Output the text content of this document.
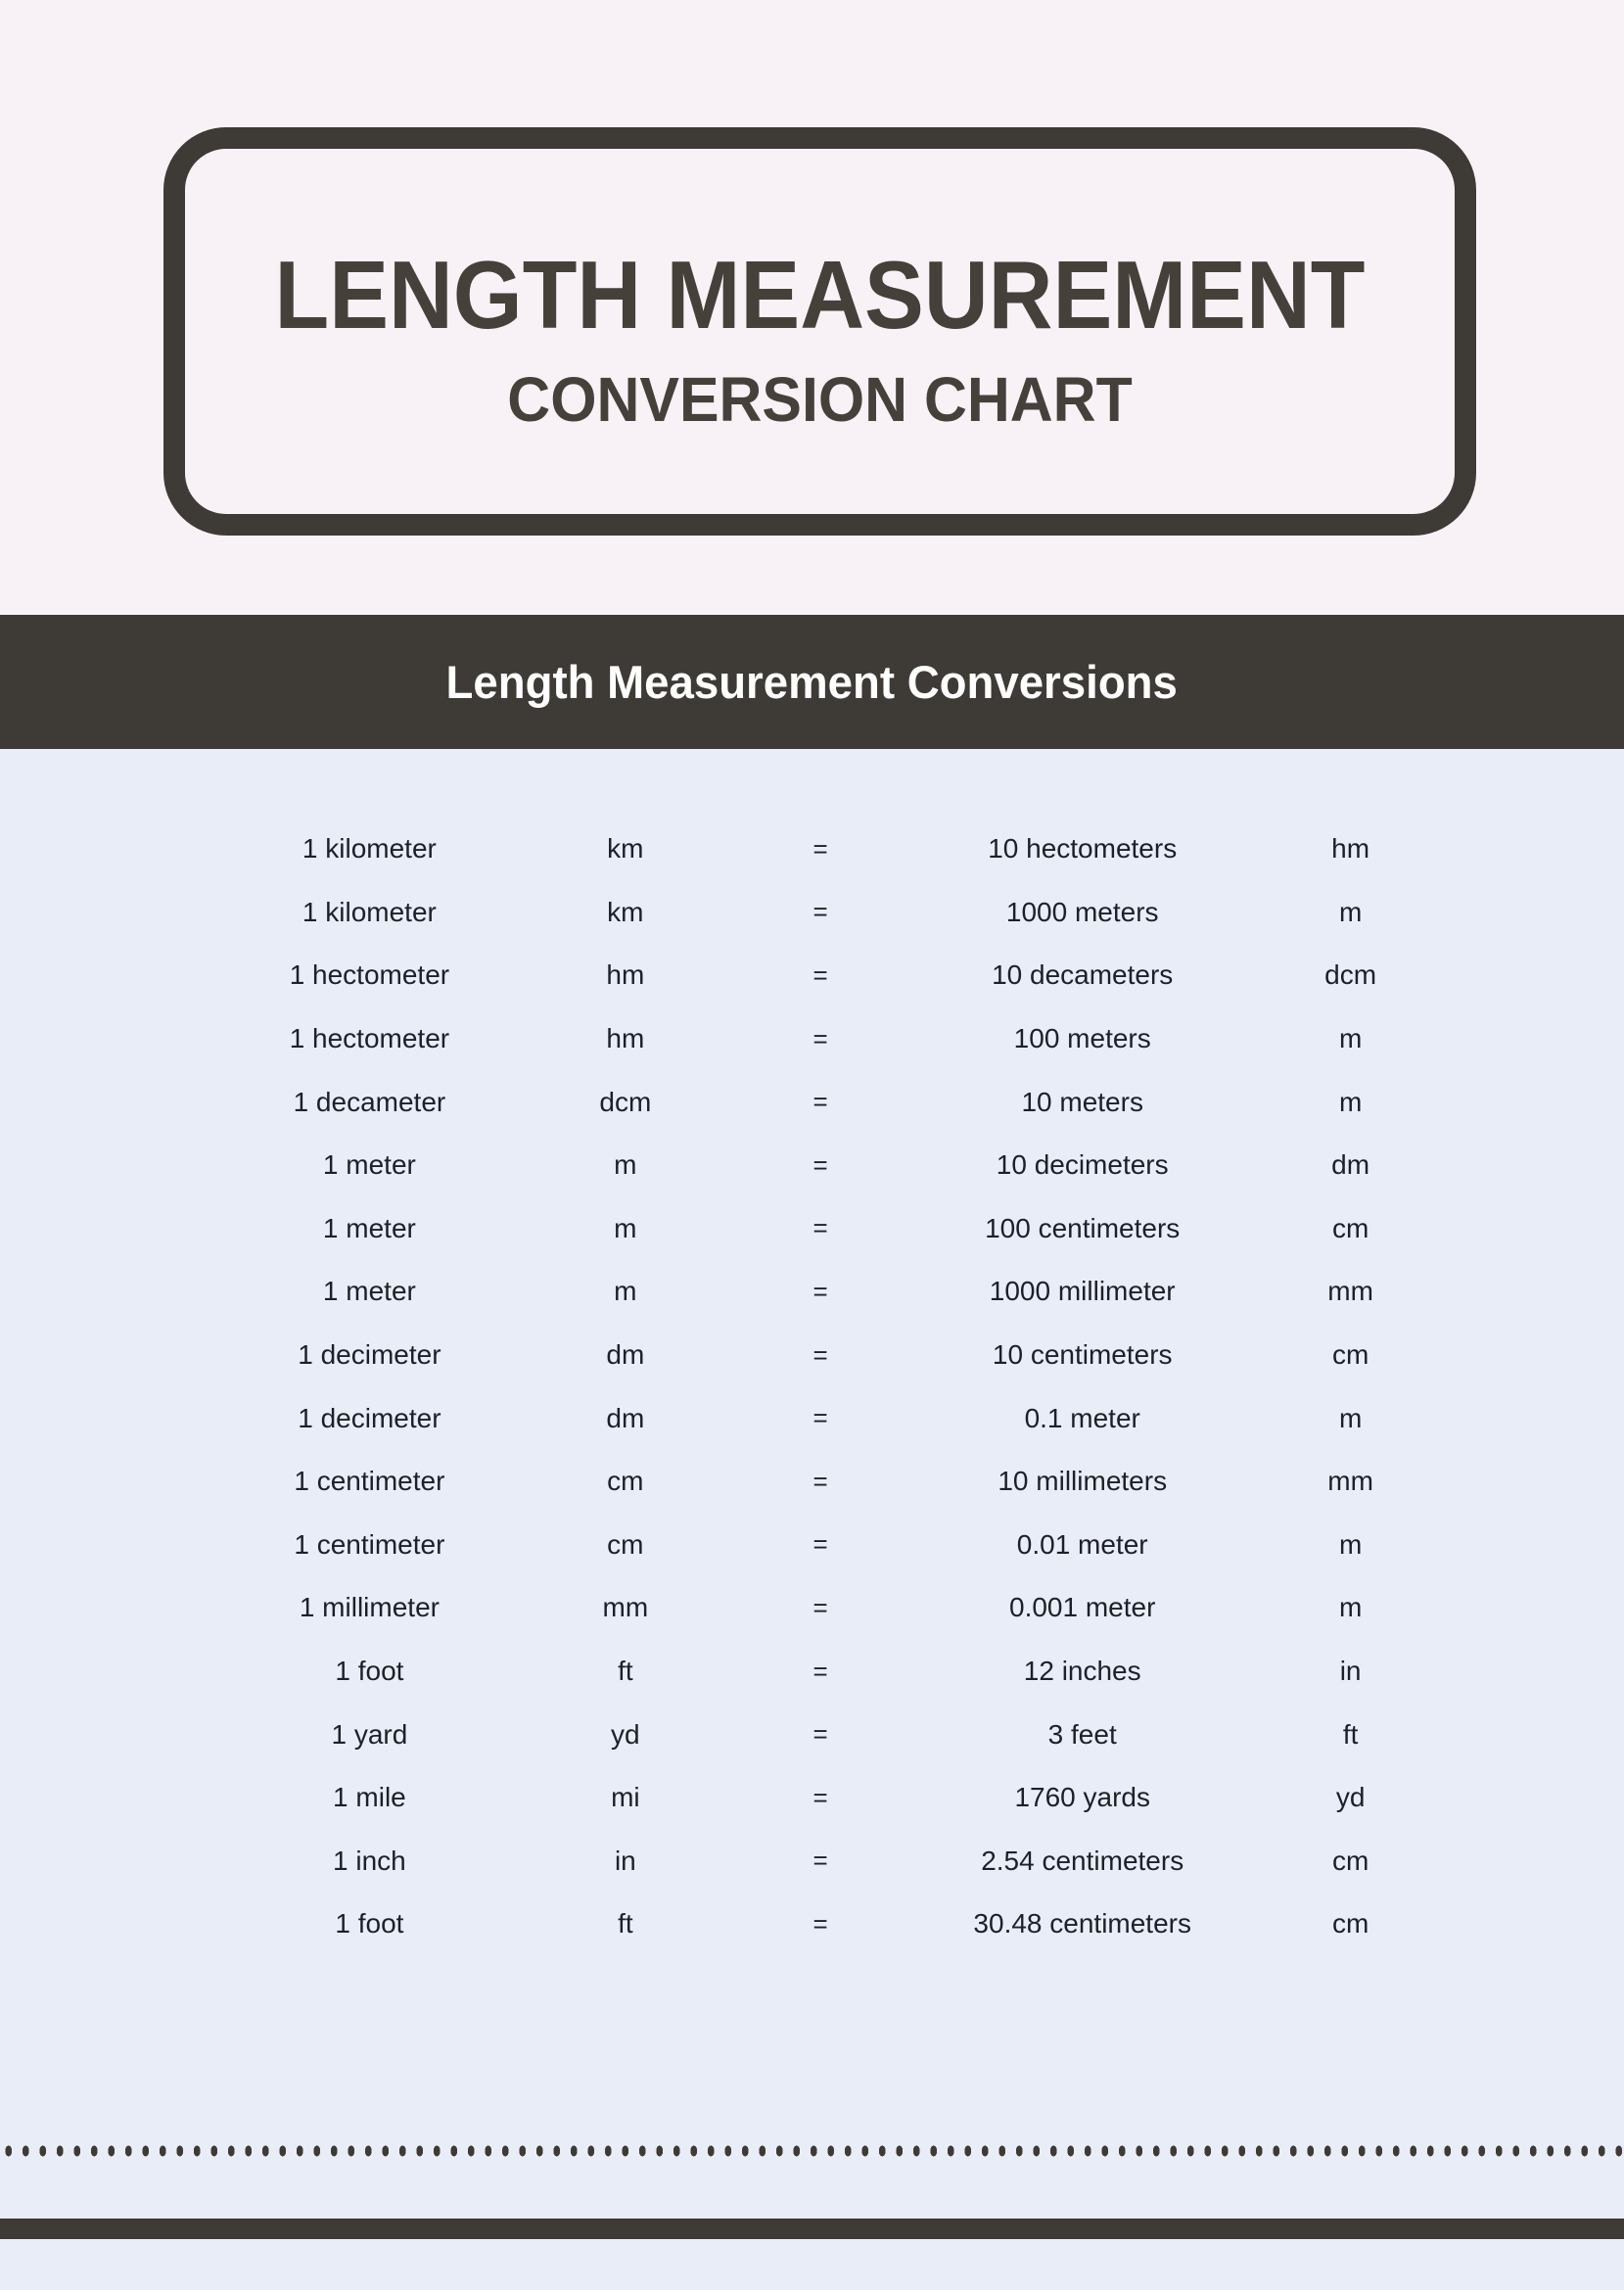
LENGTH MEASUREMENT
CONVERSION CHART
Length Measurement Conversions
1 kilometer	km	=	10 hectometers	hm
1 kilometer	km	=	1000 meters	m
1 hectometer	hm	=	10 decameters	dcm
1 hectometer	hm	=	100 meters	m
1 decameter	dcm	=	10 meters	m
1 meter	m	=	10 decimeters	dm
1 meter	m	=	100 centimeters	cm
1 meter	m	=	1000 millimeter	mm
1 decimeter	dm	=	10 centimeters	cm
1 decimeter	dm	=	0.1 meter	m
1 centimeter	cm	=	10 millimeters	mm
1 centimeter	cm	=	0.01 meter	m
1 millimeter	mm	=	0.001 meter	m
1 foot	ft	=	12 inches	in
1 yard	yd	=	3 feet	ft
1 mile	mi	=	1760 yards	yd
1 inch	in	=	2.54 centimeters	cm
1 foot	ft	=	30.48 centimeters	cm
